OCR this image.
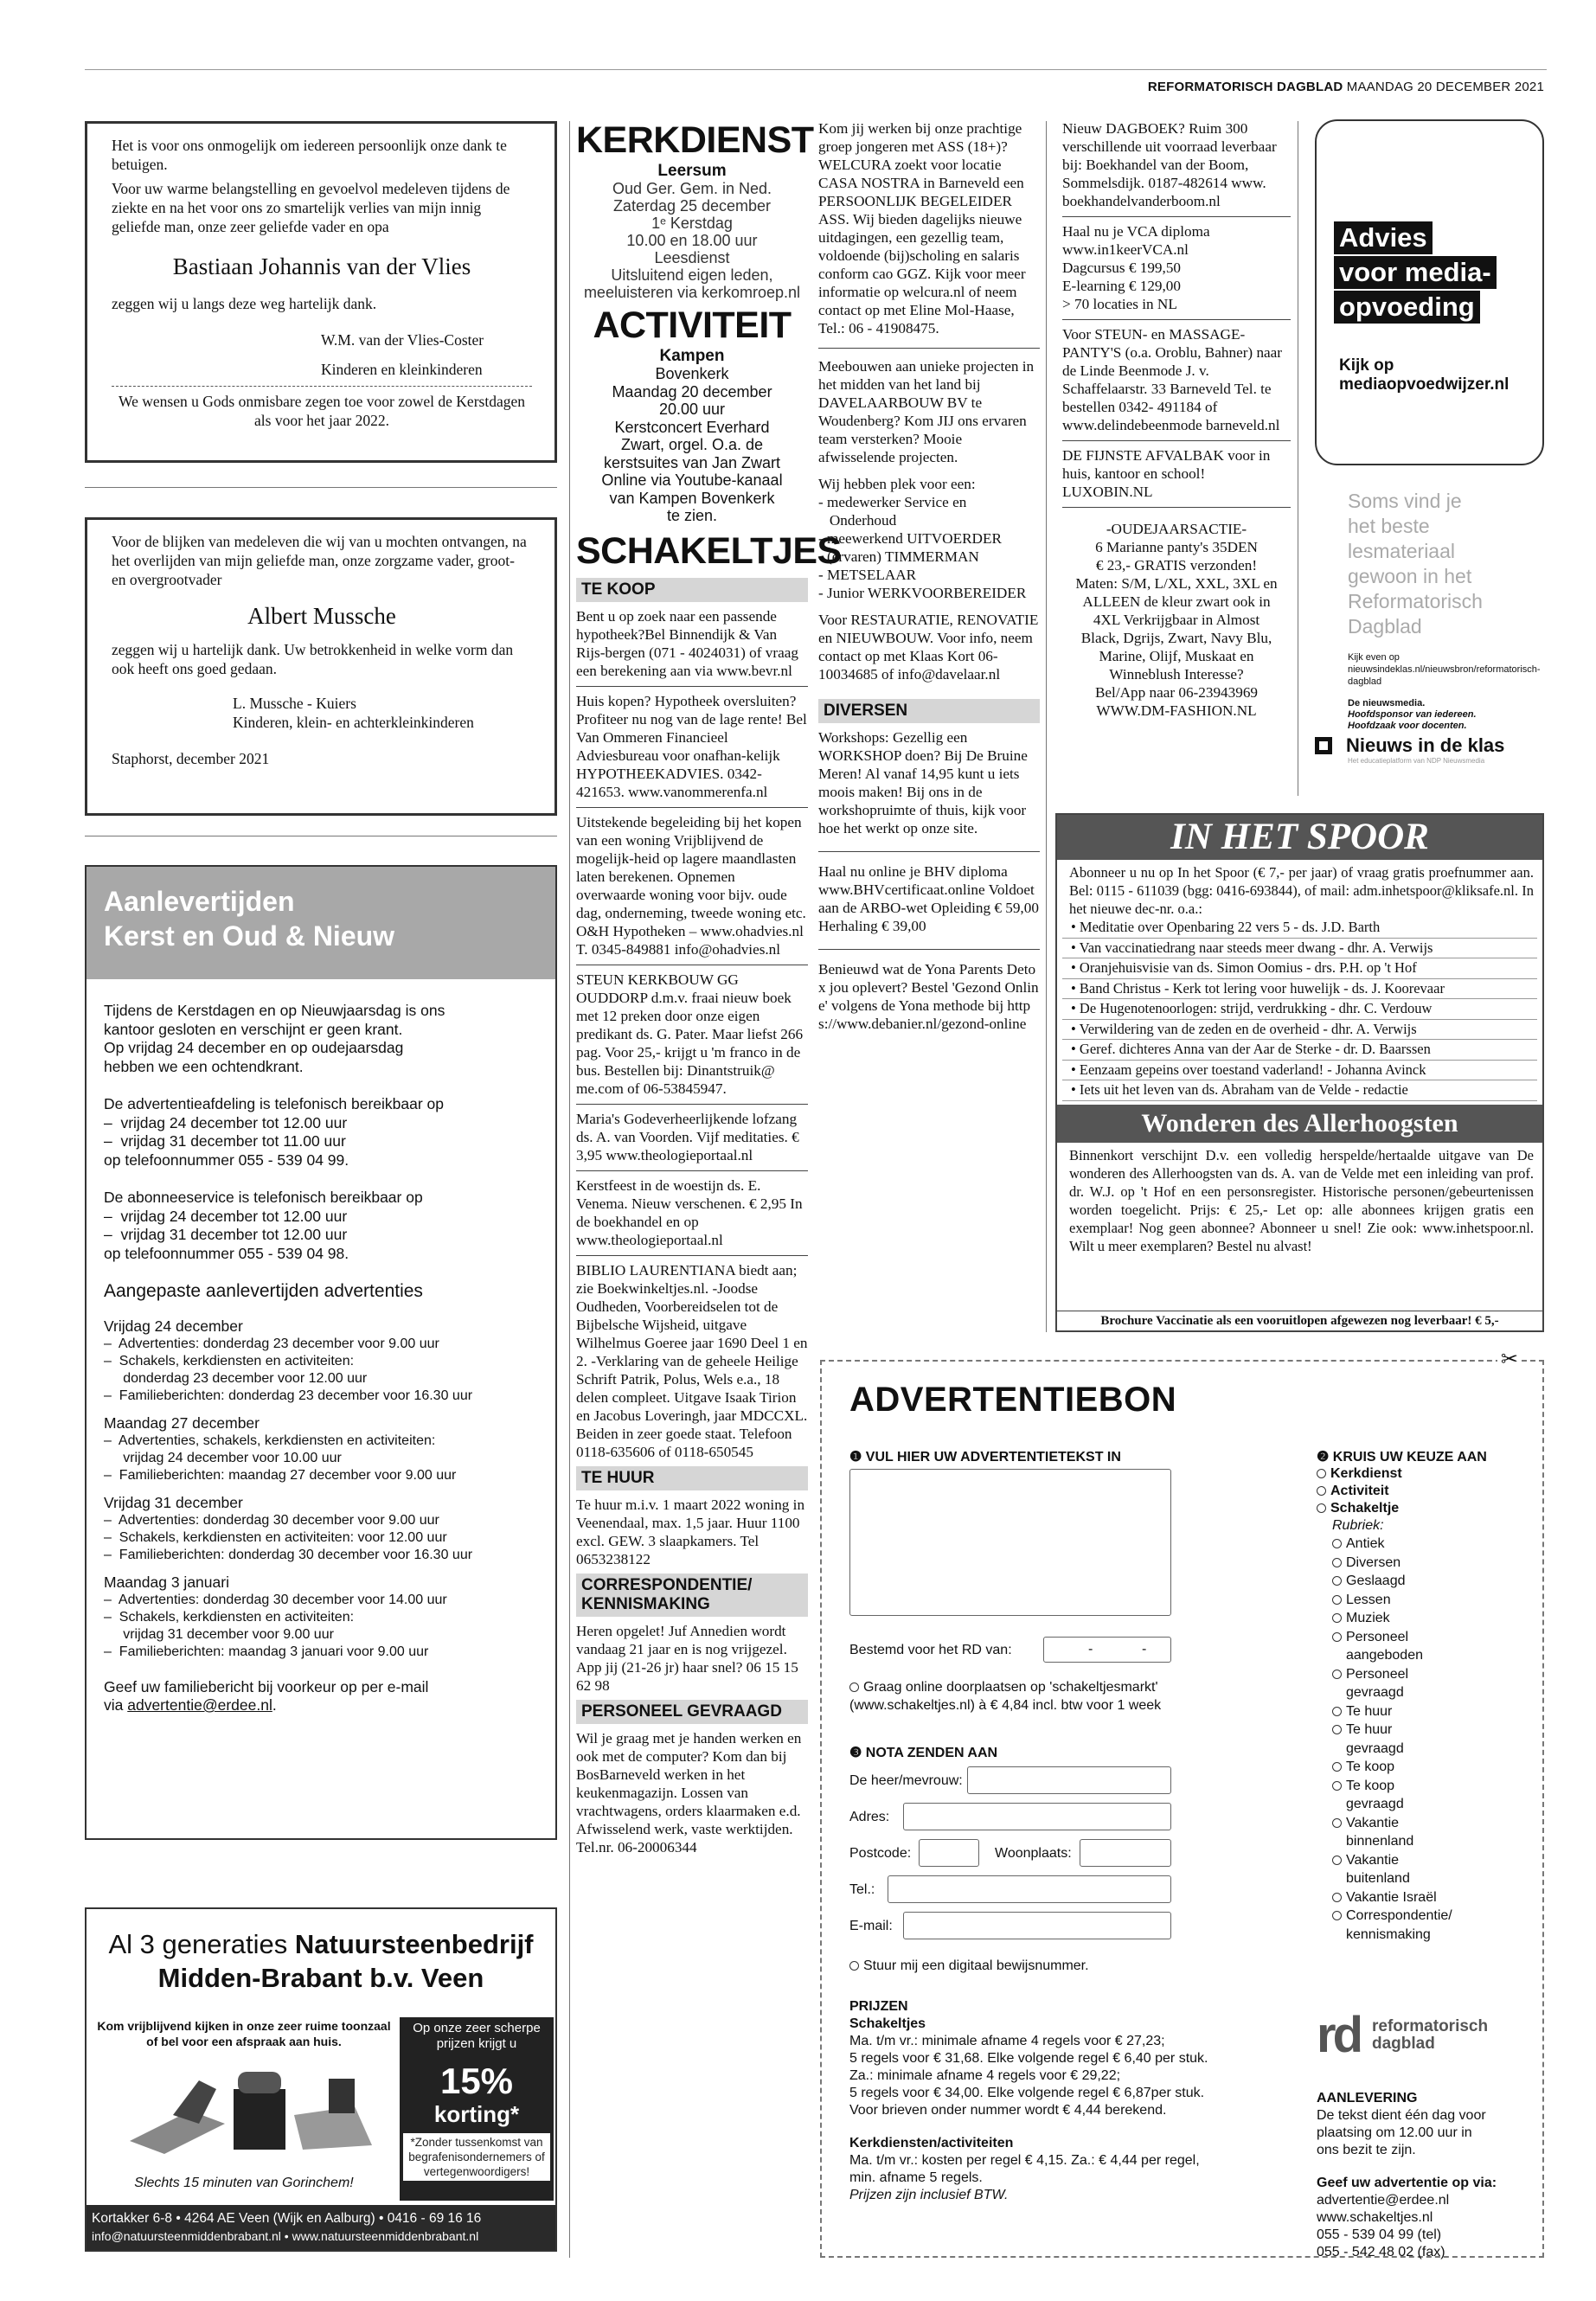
REFORMATORISCH DAGBLAD MAANDAG 20 DECEMBER 2021
Het is voor ons onmogelijk om iedereen persoonlijk onze dank te betuigen.
Voor uw warme belangstelling en gevoelvol medeleven tijdens de ziekte en na het voor ons zo smartelijk verlies van mijn innig geliefde man, onze zeer geliefde vader en opa
Bastiaan Johannis van der Vlies
zeggen wij u langs deze weg hartelijk dank.
W.M. van der Vlies-Coster
Kinderen en kleinkinderen
We wensen u Gods onmisbare zegen toe voor zowel de Kerstdagen als voor het jaar 2022.
Voor de blijken van medeleven die wij van u mochten ontvangen, na het overlijden van mijn geliefde man, onze zorgzame vader, groot- en overgrootvader
Albert Mussche
zeggen wij u hartelijk dank. Uw betrokkenheid in welke vorm dan ook heeft ons goed gedaan.
L. Mussche - Kuiers
Kinderen, klein- en achterkleinkinderen
Staphorst, december 2021
Aanlevertijden
Kerst en Oud & Nieuw
Tijdens de Kerstdagen en op Nieuwjaarsdag is ons
kantoor gesloten en verschijnt er geen krant.
Op vrijdag 24 december en op oudejaarsdag
hebben we een ochtendkrant.
De advertentieafdeling is telefonisch bereikbaar op
–  vrijdag 24 december tot 12.00 uur
–  vrijdag 31 december tot 11.00 uur
op telefoonnummer 055 - 539 04 99.
De abonneeservice is telefonisch bereikbaar op
–  vrijdag 24 december tot 12.00 uur
–  vrijdag 31 december tot 12.00 uur
op telefoonnummer 055 - 539 04 98.
Aangepaste aanlevertijden advertenties
Vrijdag 24 december
–  Advertenties: donderdag 23 december voor 9.00 uur
–  Schakels, kerkdiensten en activiteiten:
donderdag 23 december voor 12.00 uur
–  Familieberichten: donderdag 23 december voor 16.30 uur
Maandag 27 december
–  Advertenties, schakels, kerkdiensten en activiteiten:
vrijdag 24 december voor 10.00 uur
–  Familieberichten: maandag 27 december voor 9.00 uur
Vrijdag 31 december
–  Advertenties: donderdag 30 december voor 9.00 uur
–  Schakels, kerkdiensten en activiteiten: voor 12.00 uur
–  Familieberichten: donderdag 30 december voor 16.30 uur
Maandag 3 januari
–  Advertenties: donderdag 30 december voor 14.00 uur
–  Schakels, kerkdiensten en activiteiten:
vrijdag 31 december voor 9.00 uur
–  Familieberichten: maandag 3 januari voor 9.00 uur
Geef uw familiebericht bij voorkeur op per e-mail
via advertentie@erdee.nl.
Al 3 generaties Natuursteenbedrijf
Midden-Brabant b.v. Veen
Kom vrijblijvend kijken in onze zeer ruime toonzaal of bel voor een afspraak aan huis.
Slechts 15 minuten van Gorinchem!
Op onze zeer scherpe prijzen krijgt u
15%
korting*
*Zonder tussenkomst van begrafenisondernemers of vertegenwoordigers!
Kortakker 6-8 • 4264 AE Veen (Wijk en Aalburg) • 0416 - 69 16 16
info@natuursteenmiddenbrabant.nl • www.natuursteenmiddenbrabant.nl
KERKDIENST
Leersum
Oud Ger. Gem. in Ned.
Zaterdag 25 december
1ᵉ Kerstdag
10.00 en 18.00 uur
Leesdienst
Uitsluitend eigen leden,
meeluisteren via kerkomroep.nl
ACTIVITEIT
Kampen
Bovenkerk
Maandag 20 december
20.00 uur
Kerstconcert Everhard
Zwart, orgel. O.a. de
kerstsuites van Jan Zwart
Online via Youtube-kanaal
van Kampen Bovenkerk
te zien.
SCHAKELTJES
TE KOOP
Bent u op zoek naar een passende hypotheek?Bel Binnendijk & Van Rijs-bergen (071 - 4024031) of vraag een berekening aan via www.bevr.nl
Huis kopen? Hypotheek oversluiten? Profiteer nu nog van de lage rente! Bel Van Ommeren Financieel Adviesbureau voor onafhan-kelijk HYPOTHEEKADVIES. 0342-421653. www.vanommerenfa.nl
Uitstekende begeleiding bij het kopen van een woning Vrijblijvend de mogelijk-heid op lagere maandlasten laten berekenen. Opnemen overwaarde woning voor bijv. oude dag, onderneming, tweede woning etc. O&H Hypotheken – www.ohadvies.nl T. 0345-849881 info@ohadvies.nl
STEUN KERKBOUW GG OUDDORP d.m.v. fraai nieuw boek met 12 preken door onze eigen predikant ds. G. Pater. Maar liefst 266 pag. Voor 25,- krijgt u 'm franco in de bus. Bestellen bij: Dinantstruik@ me.com of 06-53845947.
Maria's Godeverheerlijkende lofzang ds. A. van Voorden. Vijf meditaties. € 3,95 www.theologieportaal.nl
Kerstfeest in de woestijn ds. E. Venema. Nieuw verschenen. € 2,95 In de boekhandel en op www.theologieportaal.nl
BIBLIO LAURENTIANA biedt aan; zie Boekwinkeltjes.nl. -Joodse Oudheden, Voorbereidselen tot de Bijbelsche Wijsheid, uitgave Wilhelmus Goeree jaar 1690 Deel 1 en 2. -Verklaring van de geheele Heilige Schrift Patrik, Polus, Wels e.a., 18 delen compleet. Uitgave Isaak Tirion en Jacobus Loveringh, jaar MDCCXL. Beiden in zeer goede staat. Telefoon 0118-635606 of 0118-650545
TE HUUR
Te huur m.i.v. 1 maart 2022 woning in Veenendaal, max. 1,5 jaar. Huur 1100 excl. GEW. 3 slaapkamers. Tel 0653238122
CORRESPONDENTIE/ KENNISMAKING
Heren opgelet! Juf Annedien wordt vandaag 21 jaar en is nog vrijgezel. App jij (21-26 jr) haar snel? 06 15 15 62 98
PERSONEEL GEVRAAGD
Wil je graag met je handen werken en ook met de computer? Kom dan bij BosBarneveld werken in het keukenmagazijn. Lossen van vrachtwagens, orders klaarmaken e.d. Afwisselend werk, vaste werktijden. Tel.nr. 06-20006344
Kom jij werken bij onze prachtige groep jongeren met ASS (18+)? WELCURA zoekt voor locatie CASA NOSTRA in Barneveld een PERSOONLIJK BEGELEIDER ASS. Wij bieden dagelijks nieuwe uitdagingen, een gezellig team, voldoende (bij)scholing en salaris conform cao GGZ. Kijk voor meer informatie op welcura.nl of neem contact op met Eline Mol-Haase, Tel.: 06 - 41908475.
Meebouwen aan unieke projecten in het midden van het land bij DAVELAARBOUW BV te Woudenberg? Kom JIJ ons ervaren team versterken? Mooie afwisselende projecten.
Wij hebben plek voor een:
- medewerker Service en
Onderhoud
- meewerkend UITVOERDER
- (ervaren) TIMMERMAN
- METSELAAR
- Junior WERKVOORBEREIDER
Voor RESTAURATIE, RENOVATIE en NIEUWBOUW. Voor info, neem contact op met Klaas Kort 06-10034685 of info@davelaar.nl
DIVERSEN
Workshops: Gezellig een WORKSHOP doen? Bij De Bruine Meren! Al vanaf 14,95 kunt u iets moois maken! Bij ons in de workshopruimte of thuis, kijk voor hoe het werkt op onze site.
Haal nu online je BHV diploma www.BHVcertificaat.online Voldoet aan de ARBO-wet Opleiding € 59,00 Herhaling € 39,00
Benieuwd wat de Yona Parents Detox jou oplevert? Bestel 'Gezond Online' volgens de Yona methode bij https://www.debanier.nl/gezond-online
Nieuw DAGBOEK? Ruim 300 verschillende uit voorraad leverbaar bij: Boekhandel van der Boom, Sommelsdijk. 0187-482614 www. boekhandelvanderboom.nl
Haal nu je VCA diploma
www.in1keerVCA.nl
Dagcursus € 199,50
E-learning € 129,00
> 70 locaties in NL
Voor STEUN- en MASSAGE-PANTY'S (o.a. Oroblu, Bahner) naar de Linde Beenmode J. v. Schaffelaarstr. 33 Barneveld Tel. te bestellen 0342- 491184 of www.delindebeenmode barneveld.nl
DE FIJNSTE AFVALBAK voor in huis, kantoor en school! LUXOBIN.NL
-OUDEJAARSACTIE-
6 Marianne panty's 35DEN
€ 23,- GRATIS verzonden!
Maten: S/M, L/XL, XXL, 3XL en
ALLEEN de kleur zwart ook in
4XL Verkrijgbaar in Almost
Black, Dgrijs, Zwart, Navy Blu,
Marine, Olijf, Muskaat en
Winneblush Interesse?
Bel/App naar 06-23943969
WWW.DM-FASHION.NL
Advies
voor media-
opvoeding
Kijk op
mediaopvoedwijzer.nl
Soms vind je
het beste
lesmateriaal
gewoon in het
Reformatorisch
Dagblad
Kijk even op nieuwsindeklas.nl/nieuwsbron/reformatorisch-dagblad
De nieuwsmedia.
Hoofdsponsor van iedereen.
Hoofdzaak voor docenten.
Nieuws in de klas
Het educatieplatform van NDP Nieuwsmedia
IN HET SPOOR
Abonneer u nu op In het Spoor (€ 7,- per jaar) of vraag gratis proefnummer aan. Bel: 0115 - 611039 (bgg: 0416-693844), of mail: adm.inhetspoor@kliksafe.nl. In het nieuwe dec-nr. o.a.:
• Meditatie over Openbaring 22 vers 5 - ds. J.D. Barth
• Van vaccinatiedrang naar steeds meer dwang - dhr. A. Verwijs
• Oranjehuisvisie van ds. Simon Oomius - drs. P.H. op 't Hof
• Band Christus - Kerk tot lering voor huwelijk - ds. J. Koorevaar
• De Hugenotenoorlogen: strijd, verdrukking - dhr. C. Verdouw
• Verwildering van de zeden en de overheid - dhr. A. Verwijs
• Geref. dichteres Anna van der Aar de Sterke - dr. D. Baarssen
• Eenzaam gepeins over toestand vaderland! - Johanna Avinck
• Iets uit het leven van ds. Abraham van de Velde - redactie
Wonderen des Allerhoogsten
Binnenkort verschijnt D.v. een volledig herspelde/hertaalde uitgave van De wonderen des Allerhoogsten van ds. A. van de Velde met een inleiding van prof. dr. W.J. op 't Hof en een personsregister. Historische personen/gebeurtenissen worden toegelicht. Prijs: € 25,- Let op: alle abonnees krijgen gratis een exemplaar! Nog geen abonnee? Abonneer u snel! Zie ook: www.inhetspoor.nl. Wilt u meer exemplaren? Bestel nu alvast!
Brochure Vaccinatie als een vooruitlopen afgewezen nog leverbaar! € 5,-
✂
ADVERTENTIEBON
❶ VUL HIER UW ADVERTENTIETEKST IN
Bestemd voor het RD van:	-	-
Graag online doorplaatsen op 'schakeltjesmarkt'
(www.schakeltjes.nl) à € 4,84 incl. btw voor 1 week
❸ NOTA ZENDEN AAN
De heer/mevrouw:
Adres:
Postcode:	Woonplaats:
Tel.:
E-mail:
Stuur mij een digitaal bewijsnummer.
PRIJZEN
Schakeltjes
Ma. t/m vr.: minimale afname 4 regels voor € 27,23;
5 regels voor € 31,68. Elke volgende regel € 6,40 per stuk.
Za.: minimale afname 4 regels voor € 29,22;
5 regels voor € 34,00. Elke volgende regel € 6,87per stuk.
Voor brieven onder nummer wordt € 4,44 berekend.
Kerkdiensten/activiteiten
Ma. t/m vr.: kosten per regel € 4,15. Za.: € 4,44 per regel,
min. afname 5 regels.
Prijzen zijn inclusief BTW.
❷ KRUIS UW KEUZE AAN
Kerkdienst
Activiteit
Schakeltje
Rubriek:
Antiek
Diversen
Geslaagd
Lessen
Muziek
Personeel aangeboden
Personeel gevraagd
Te huur
Te huur gevraagd
Te koop
Te koop gevraagd
Vakantie binnenland
Vakantie buitenland
Vakantie Israël
Correspondentie/ kennismaking
rd reformatorisch
dagblad
AANLEVERING
De tekst dient één dag voor
plaatsing om 12.00 uur in
ons bezit te zijn.
Geef uw advertentie op via:
advertentie@erdee.nl
www.schakeltjes.nl
055 - 539 04 99 (tel)
055 - 542 48 02 (fax)
